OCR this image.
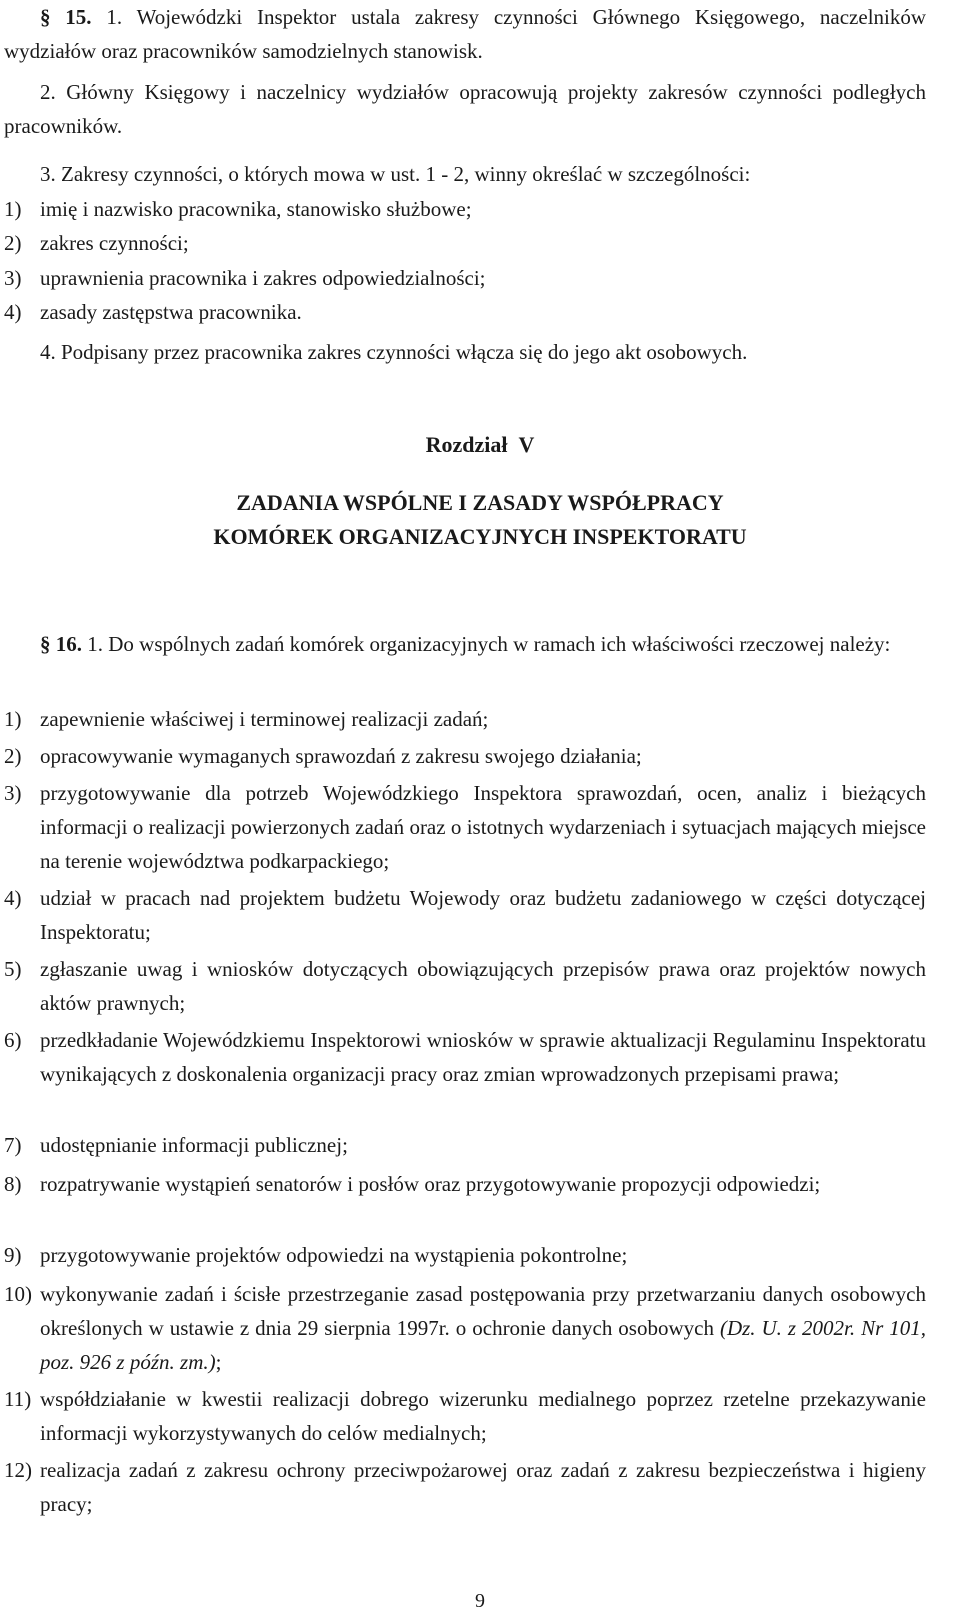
§ 15. 1. Wojewódzki Inspektor ustala zakresy czynności Głównego Księgowego, naczelników wydziałów oraz pracowników samodzielnych stanowisk.

2. Główny Księgowy i naczelnicy wydziałów opracowują projekty zakresów czynności podległych pracowników.

3. Zakresy czynności, o których mowa w ust. 1 - 2, winny określać w szczególności:

1) imię i nazwisko pracownika, stanowisko służbowe;
2) zakres czynności;
3) uprawnienia pracownika i zakres odpowiedzialności;
4) zasady zastępstwa pracownika.

4. Podpisany przez pracownika zakres czynności włącza się do jego akt osobowych.

Rozdział V

ZADANIA WSPÓLNE I ZASADY WSPÓŁPRACY

KOMÓREK ORGANIZACYJNYCH INSPEKTORATU

§ 16. 1. Do wspólnych zadań komórek organizacyjnych w ramach ich właściwości rzeczowej należy:

1) zapewnienie właściwej i terminowej realizacji zadań;
2) opracowywanie wymaganych sprawozdań z zakresu swojego działania;
3) przygotowywanie dla potrzeb Wojewódzkiego Inspektora sprawozdań, ocen, analiz i bieżących informacji o realizacji powierzonych zadań oraz o istotnych wydarzeniach i sytuacjach mających miejsce na terenie województwa podkarpackiego;
4) udział w pracach nad projektem budżetu Wojewody oraz budżetu zadaniowego w części dotyczącej Inspektoratu;
5) zgłaszanie uwag i wniosków dotyczących obowiązujących przepisów prawa oraz projektów nowych aktów prawnych;
6) przedkładanie Wojewódzkiemu Inspektorowi wniosków w sprawie aktualizacji Regulaminu Inspektoratu wynikających z doskonalenia organizacji pracy oraz zmian wprowadzonych przepisami prawa;
7) udostępnianie informacji publicznej;
8) rozpatrywanie wystąpień senatorów i posłów oraz przygotowywanie propozycji odpowiedzi;
9) przygotowywanie projektów odpowiedzi na wystąpienia pokontrolne;
10) wykonywanie zadań i ścisłe przestrzeganie zasad postępowania przy przetwarzaniu danych osobowych określonych w ustawie z dnia 29 sierpnia 1997r. o ochronie danych osobowych (Dz. U. z 2002r. Nr 101, poz. 926 z późn. zm.);
11) współdziałanie w kwestii realizacji dobrego wizerunku medialnego poprzez rzetelne przekazywanie informacji wykorzystywanych do celów medialnych;
12) realizacja zadań z zakresu ochrony przeciwpożarowej oraz zadań z zakresu bezpieczeństwa i higieny pracy;
9
